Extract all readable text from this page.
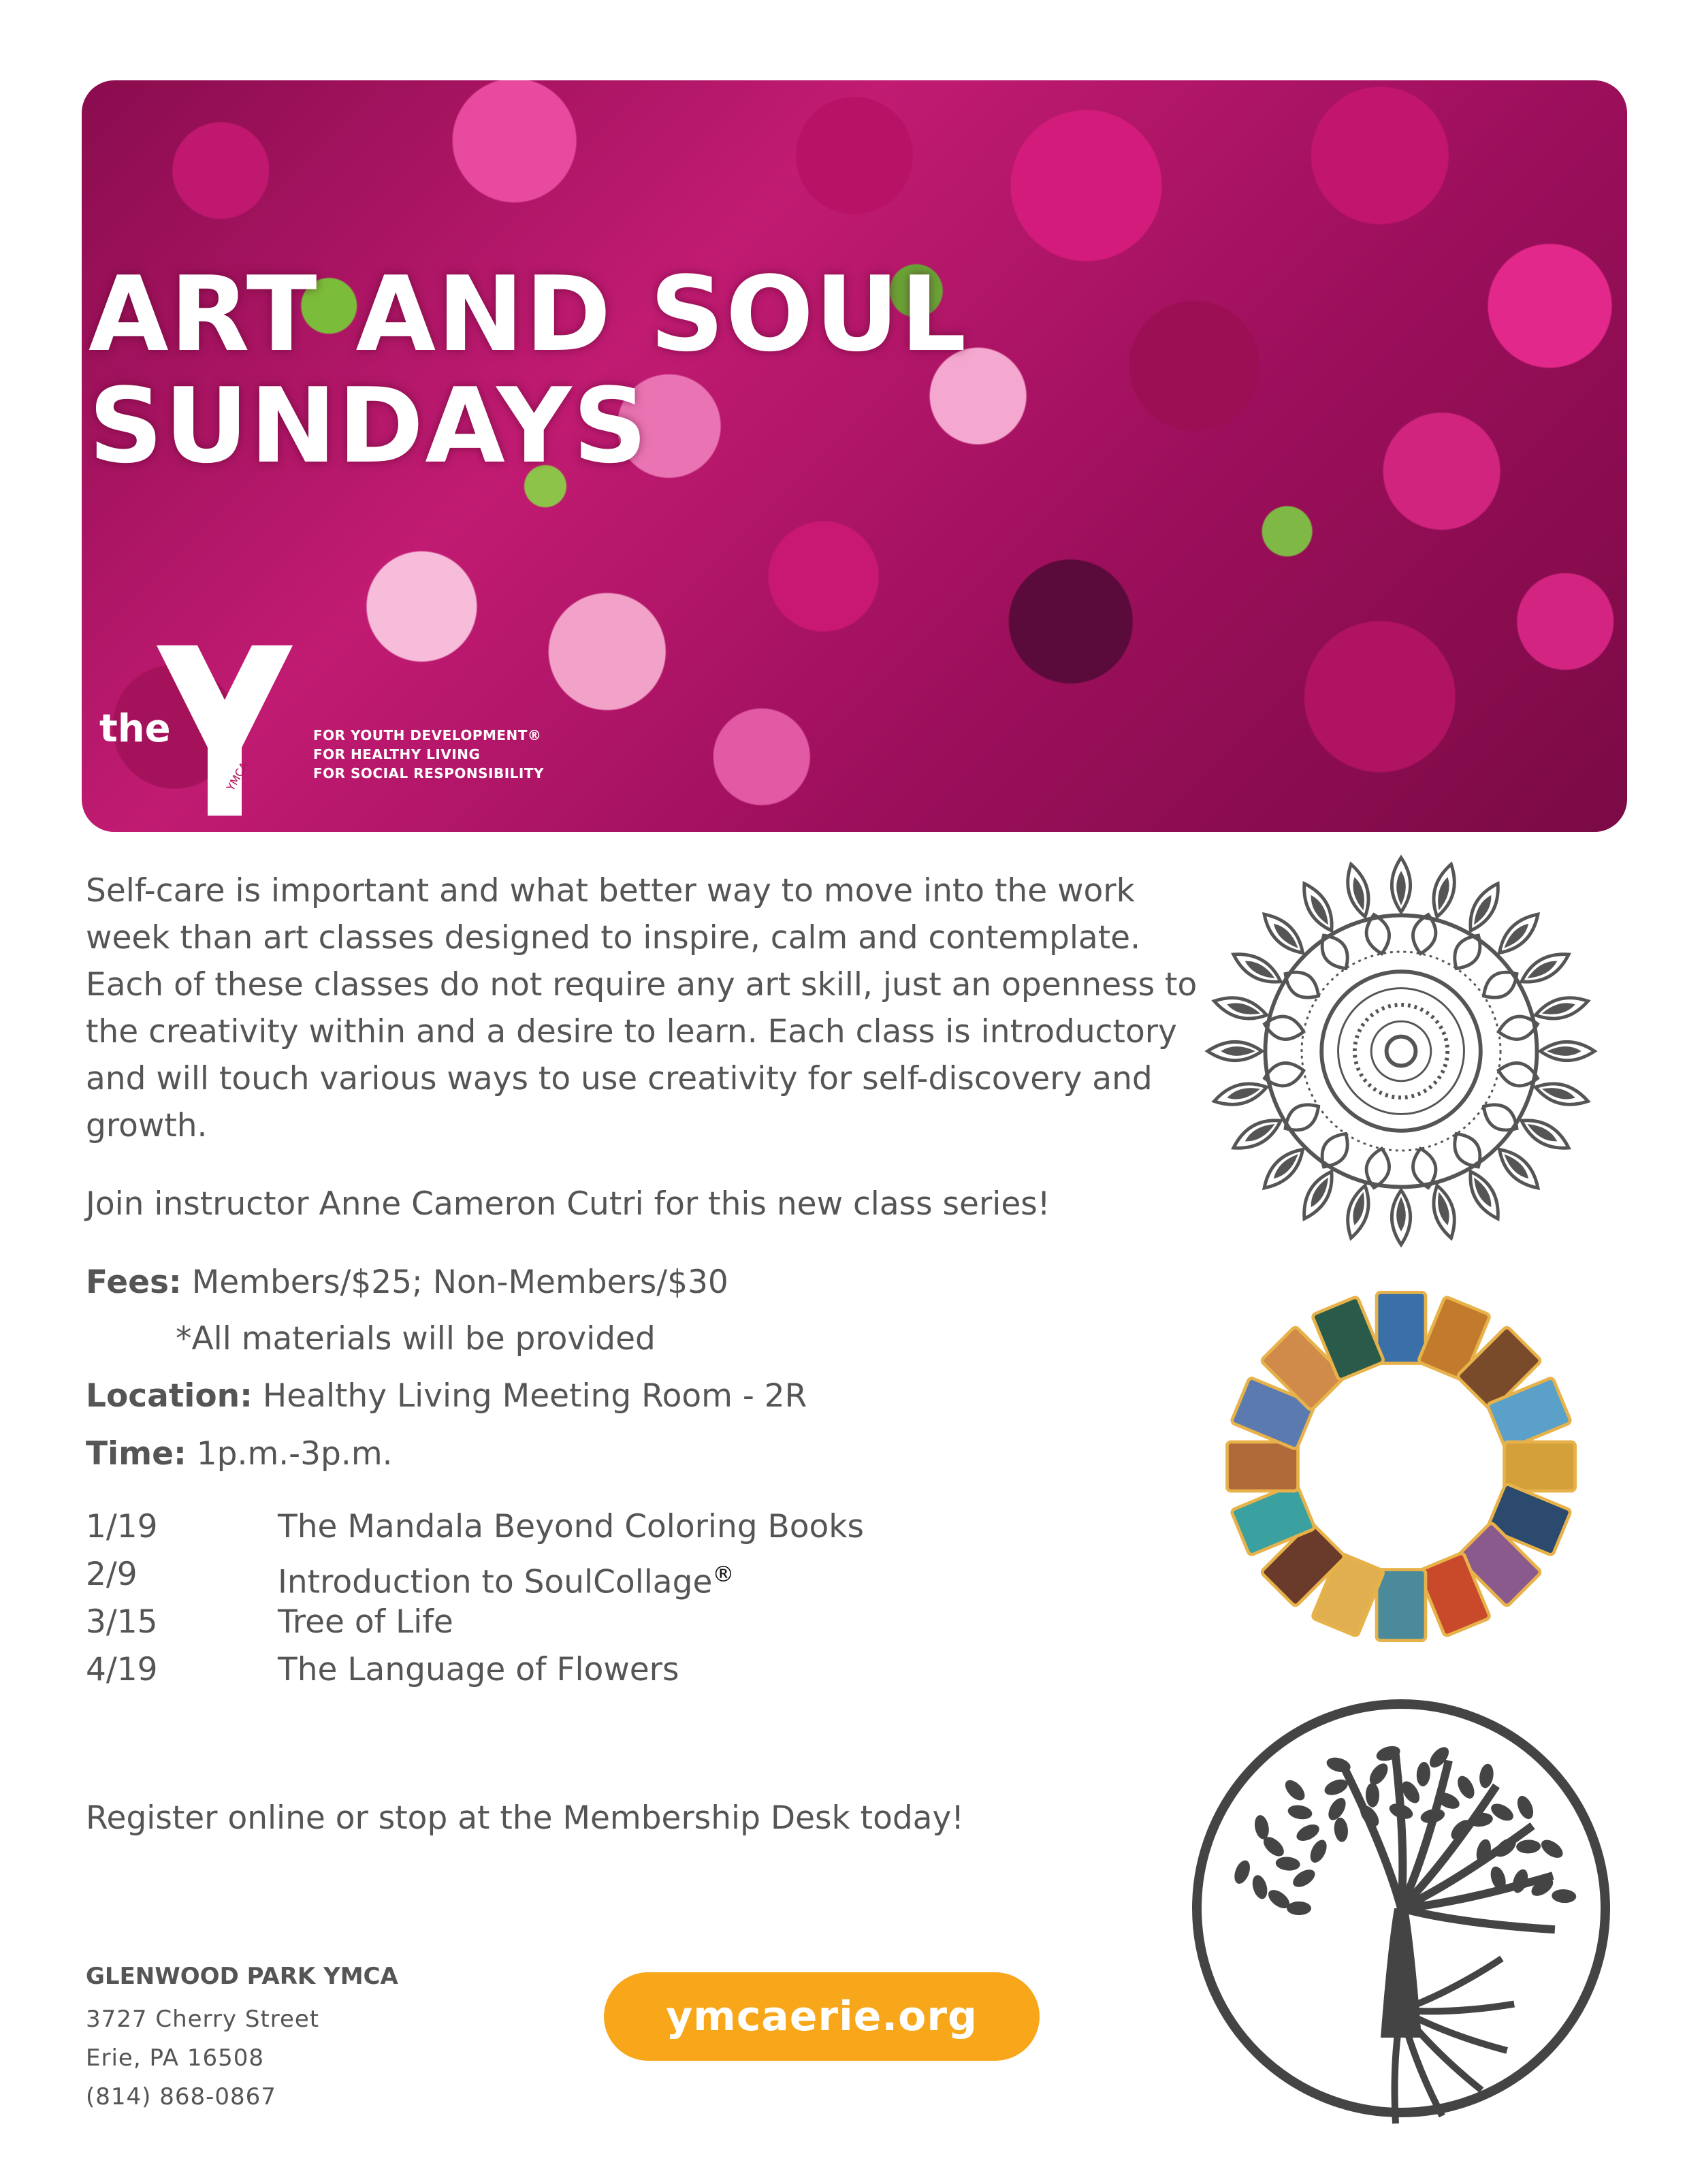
ART AND SOUL
SUNDAYS
the
YMCA
FOR YOUTH DEVELOPMENT®
FOR HEALTHY LIVING
FOR SOCIAL RESPONSIBILITY
Self-care is important and what better way to move into the work week than art classes designed to inspire, calm and contemplate. Each of these classes do not require any art skill, just an openness to the creativity within and a desire to learn. Each class is introductory and will touch various ways to use creativity for self-discovery and growth.
Join instructor Anne Cameron Cutri for this new class series!
Fees: Members/$25; Non-Members/$30
*All materials will be provided
Location: Healthy Living Meeting Room - 2R
Time: 1p.m.-3p.m.
1/19	The Mandala Beyond Coloring Books
2/9	Introduction to SoulCollage®
3/15	Tree of Life
4/19	The Language of Flowers
Register online or stop at the Membership Desk today!
GLENWOOD PARK YMCA
3727 Cherry Street
Erie, PA 16508
(814) 868-0867
ymcaerie.org
